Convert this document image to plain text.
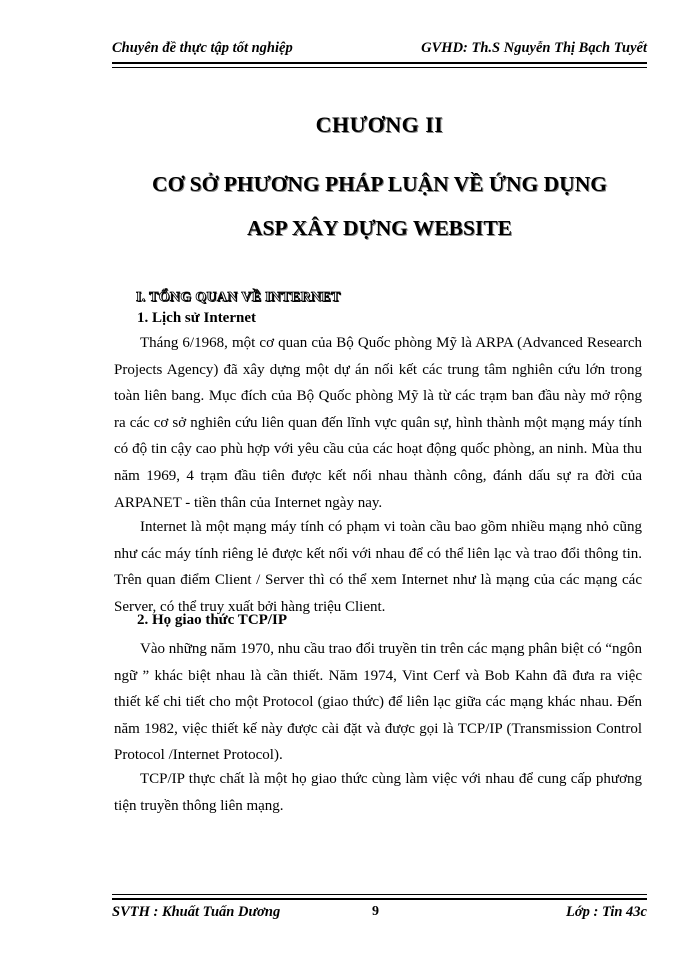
Chuyên đề thực tập tốt nghiệp	GVHD: Th.S Nguyễn Thị Bạch Tuyết
CHƯƠNG II
CƠ SỞ PHƯƠNG PHÁP LUẬN VỀ ỨNG DỤNG
ASP XÂY DỰNG WEBSITE
I. TỔNG QUAN VỀ INTERNET
1. Lịch sử Internet

Tháng 6/1968, một cơ quan của Bộ Quốc phòng Mỹ là ARPA (Advanced Research Projects Agency) đã xây dựng một dự án nối kết các trung tâm nghiên cứu lớn trong toàn liên bang. Mục đích của Bộ Quốc phòng Mỹ là từ các trạm ban đầu này mở rộng ra các cơ sở nghiên cứu liên quan đến lĩnh vực quân sự, hình thành một mạng máy tính có độ tin cậy cao phù hợp với yêu cầu của các hoạt động quốc phòng, an ninh. Mùa thu năm 1969, 4 trạm đầu tiên được kết nối nhau thành công, đánh dấu sự ra đời của ARPANET - tiền thân của Internet ngày nay.

Internet là một mạng máy tính có phạm vi toàn cầu bao gồm nhiều mạng nhỏ cũng như các máy tính riêng lẻ được kết nối với nhau để có thể liên lạc và trao đổi thông tin. Trên quan điểm Client / Server thì có thể xem Internet như là mạng của các mạng các Server, có thể truy xuất bởi hàng triệu Client.

2. Họ giao thức TCP/IP

Vào những năm 1970, nhu cầu trao đổi truyền tin trên các mạng phân biệt có “ngôn ngữ ” khác biệt nhau là cần thiết. Năm 1974, Vint Cerf và Bob Kahn đã đưa ra việc thiết kế chi tiết cho một Protocol (giao thức) để liên lạc giữa các mạng khác nhau. Đến năm 1982, việc thiết kế này được cài đặt và được gọi là TCP/IP (Transmission Control Protocol /Internet Protocol).

TCP/IP thực chất là một họ giao thức cùng làm việc với nhau để cung cấp phương tiện truyền thông liên mạng.

SVTH : Khuất Tuấn Dương	9	Lớp : Tin 43c
